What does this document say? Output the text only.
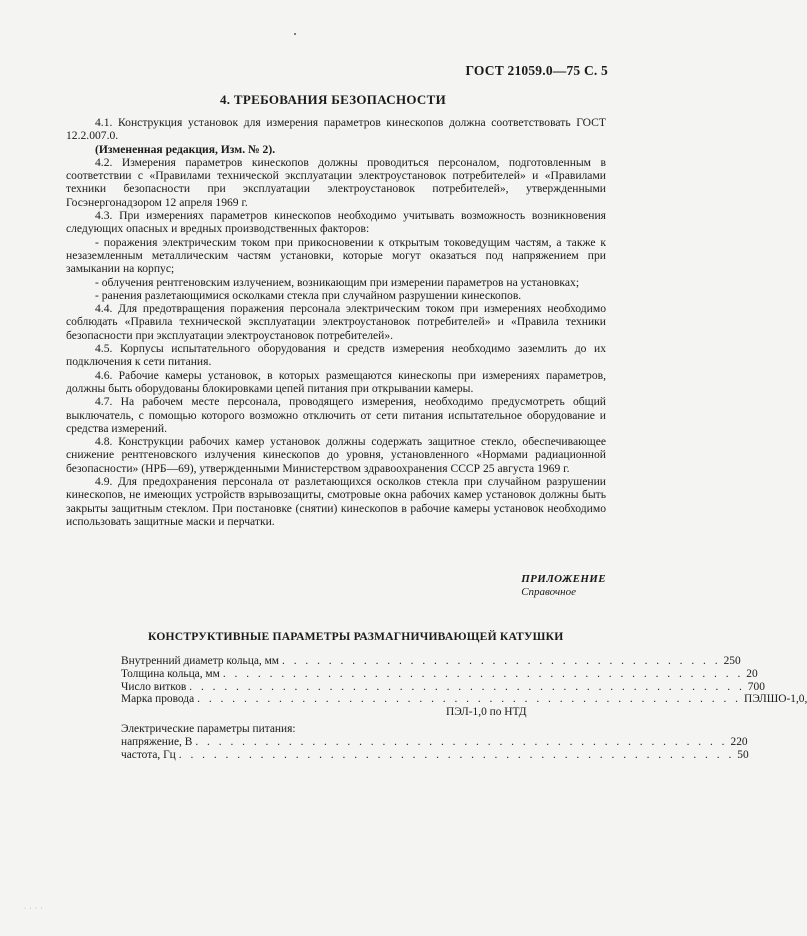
ГОСТ 21059.0—75 С. 5
4. ТРЕБОВАНИЯ БЕЗОПАСНОСТИ

4.1. Конструкция установок для измерения параметров кинескопов должна соответствовать ГОСТ 12.2.007.0.

(Измененная редакция, Изм. № 2).

4.2. Измерения параметров кинескопов должны проводиться персоналом, подготовленным в соответствии с «Правилами технической эксплуатации электроустановок потребителей» и «Правилами техники безопасности при эксплуатации электроустановок потребителей», утвержденными Госэнергонадзором 12 апреля 1969 г.

4.3. При измерениях параметров кинескопов необходимо учитывать возможность возникновения следующих опасных и вредных производственных факторов:

- поражения электрическим током при прикосновении к открытым токоведущим частям, а также к незаземленным металлическим частям установки, которые могут оказаться под напряжением при замыкании на корпус;

- облучения рентгеновским излучением, возникающим при измерении параметров на установках;

- ранения разлетающимися осколками стекла при случайном разрушении кинескопов.

4.4. Для предотвращения поражения персонала электрическим током при измерениях необходимо соблюдать «Правила технической эксплуатации электроустановок потребителей» и «Правила техники безопасности при эксплуатации электроустановок потребителей».

4.5. Корпусы испытательного оборудования и средств измерения необходимо заземлить до их подключения к сети питания.

4.6. Рабочие камеры установок, в которых размещаются кинескопы при измерениях параметров, должны быть оборудованы блокировками цепей питания при открывании камеры.

4.7. На рабочем месте персонала, проводящего измерения, необходимо предусмотреть общий выключатель, с помощью которого возможно отключить от сети питания испытательное оборудование и средства измерений.

4.8. Конструкции рабочих камер установок должны содержать защитное стекло, обеспечивающее снижение рентгеновского излучения кинескопов до уровня, установленного «Нормами радиационной безопасности» (НРБ—69), утвержденными Министерством здравоохранения СССР 25 августа 1969 г.

4.9. Для предохранения персонала от разлетающихся осколков стекла при случайном разрушении кинескопов, не имеющих устройств взрывозащиты, смотровые окна рабочих камер установок должны быть закрыты защитным стеклом. При постановке (снятии) кинескопов в рабочие камеры установок необходимо использовать защитные маски и перчатки.

ПРИЛОЖЕНИЕ
Справочное
КОНСТРУКТИВНЫЕ ПАРАМЕТРЫ РАЗМАГНИЧИВАЮЩЕЙ КАТУШКИ
Внутренний диаметр кольца, мм . . . . . . . . . . . . . . . . . . . . . . . . . . . . . . . . . . . . . . 250
Толщина кольца, мм . . . . . . . . . . . . . . . . . . . . . . . . . . . . . . . . . . . . . . . . . . . . . 20
Число витков . . . . . . . . . . . . . . . . . . . . . . . . . . . . . . . . . . . . . . . . . . . . . . . . 700
Марка провода . . . . . . . . . . . . . . . . . . . . . . . . . . . . . . . . . . . . . . . . . . . . . . . ПЭЛШО-1,0,
ПЭЛ-1,0 по НТД
Электрические параметры питания:
напряжение, В . . . . . . . . . . . . . . . . . . . . . . . . . . . . . . . . . . . . . . . . . . . . . . 220
частота, Гц . . . . . . . . . . . . . . . . . . . . . . . . . . . . . . . . . . . . . . . . . . . . . . . . 50
· · · ·
